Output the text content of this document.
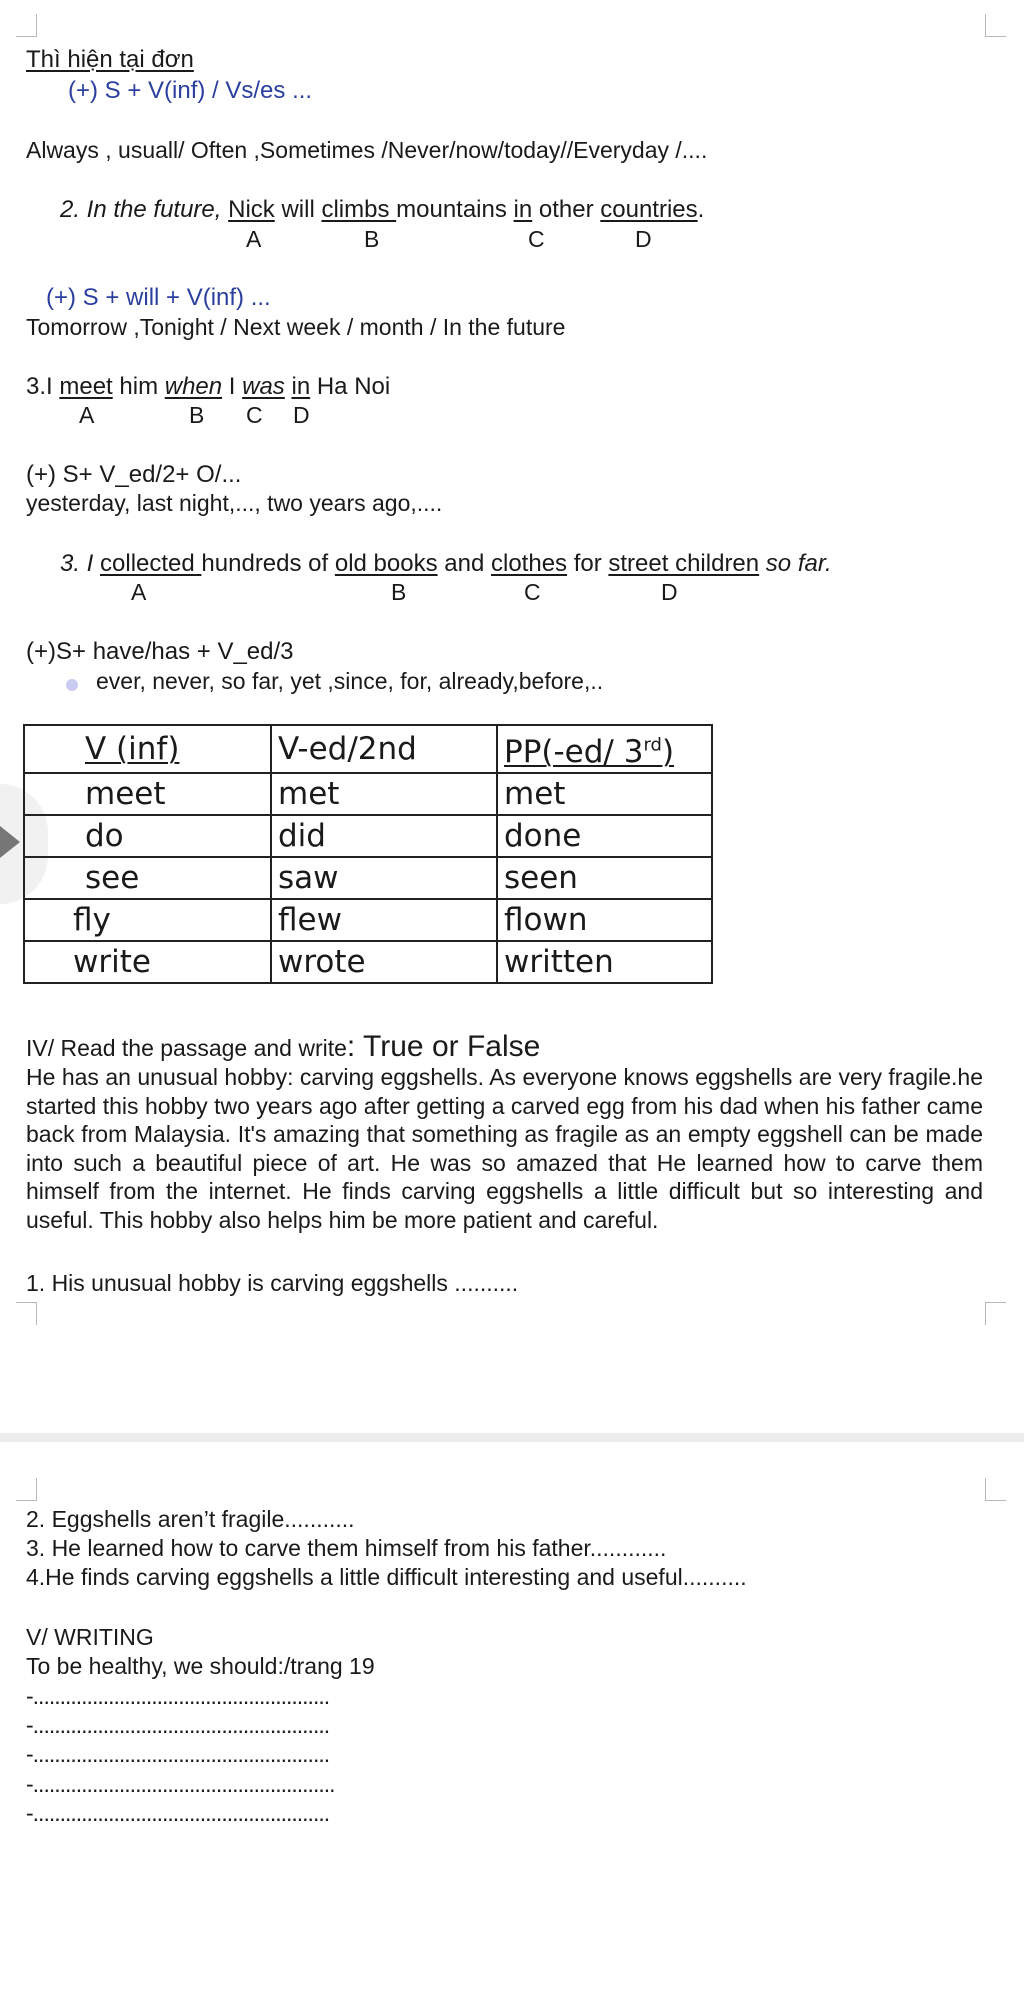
Thì hiện tại đơn
(+) S + V(inf) / Vs/es ...
Always , usuall/ Often ,Sometimes /Never/now/today//Everyday /....
2. In the future, Nick will climbs mountains in other countries.
A	B	C	D
(+) S + will + V(inf) ...
Tomorrow ,Tonight / Next week / month / In the future
3.I meet him when I was in Ha Noi
A	B C D
(+) S+ V_ed/2+ O/...
yesterday, last night,..., two years ago,....
3. I collected hundreds of old books and clothes for street children so far.
A	B	C	D
(+)S+ have/has + V_ed/3
ever, never, so far, yet ,since, for, already,before,..
V (inf)	V-ed/2nd	PP(-ed/ 3rd)
meet	met	met
do	did	done
see	saw	seen
fly	flew	flown
write	wrote	written
IV/ Read the passage and write: True or False
He has an unusual hobby: carving eggshells. As everyone knows eggshells are very fragile.he started this hobby two years ago after getting a carved egg from his dad when his father came back from Malaysia. It's amazing that something as fragile as an empty eggshell can be made into such a beautiful piece of art. He was so amazed that He learned how to carve them himself from the internet. He finds carving eggshells a little difficult but so interesting and useful. This hobby also helps him be more patient and careful.
1. His unusual hobby is carving eggshells ..........
2. Eggshells aren’t fragile...........
3. He learned how to carve them himself from his father............
4.He finds carving eggshells a little difficult interesting and useful..........
V/ WRITING
To be healthy, we should:/trang 19
-.......................................................
-.......................................................
-.......................................................
-........................................................
-.......................................................
